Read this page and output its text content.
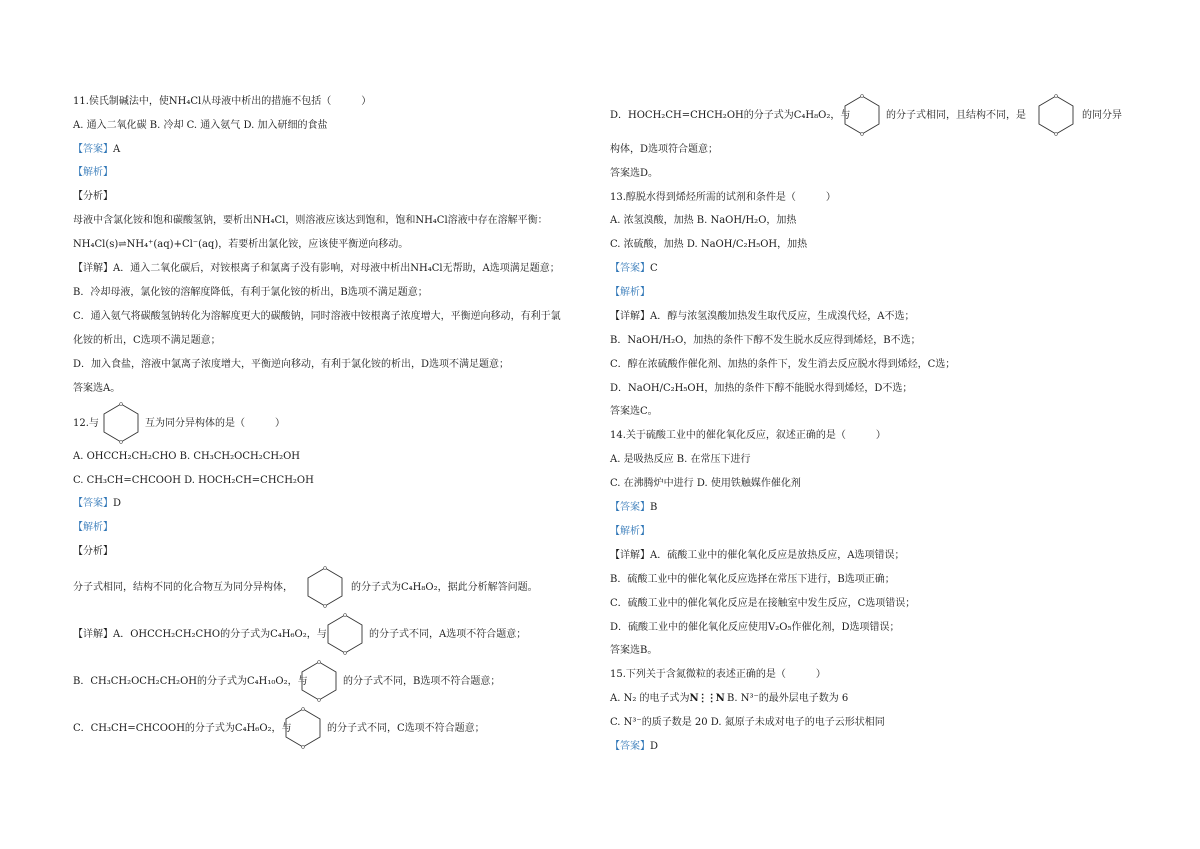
11.侯氏制碱法中，使NH₄Cl从母液中析出的措施不包括（　　　）
A. 通入二氧化碳 B. 冷却 C. 通入氨气 D. 加入研细的食盐
【答案】A
【解析】
【分析】
母液中含氯化铵和饱和碳酸氢钠，要析出NH₄Cl，则溶液应该达到饱和，饱和NH₄Cl溶液中存在溶解平衡：
NH₄Cl(s)⇌NH₄⁺(aq)+Cl⁻(aq)，若要析出氯化铵，应该使平衡逆向移动。
【详解】A．通入二氧化碳后，对铵根离子和氯离子没有影响，对母液中析出NH₄Cl无帮助，A选项满足题意；
B．冷却母液，氯化铵的溶解度降低，有利于氯化铵的析出，B选项不满足题意；
C．通入氨气将碳酸氢钠转化为溶解度更大的碳酸钠，同时溶液中铵根离子浓度增大，平衡逆向移动，有利于氯
化铵的析出，C选项不满足题意；
D．加入食盐，溶液中氯离子浓度增大，平衡逆向移动，有利于氯化铵的析出，D选项不满足题意；
答案选A。
12.与	互为同分异构体的是（　　　）
A. OHCCH₂CH₂CHO B. CH₃CH₂OCH₂CH₂OH
C. CH₃CH=CHCOOH D. HOCH₂CH=CHCH₂OH
【答案】D
【解析】
【分析】
分子式相同，结构不同的化合物互为同分异构体，	的分子式为C₄H₈O₂，据此分析解答问题。
【详解】A．OHCCH₂CH₂CHO的分子式为C₄H₆O₂，与	的分子式不同，A选项不符合题意；
B．CH₃CH₂OCH₂CH₂OH的分子式为C₄H₁₀O₂，与	的分子式不同，B选项不符合题意；
C．CH₃CH=CHCOOH的分子式为C₄H₆O₂，与	的分子式不同，C选项不符合题意；
D．HOCH₂CH=CHCH₂OH的分子式为C₄H₈O₂，与	的分子式相同，且结构不同，是	的同分异
构体，D选项符合题意；
答案选D。
13.醇脱水得到烯烃所需的试剂和条件是（　　　）
A. 浓氢溴酸，加热 B. NaOH/H₂O，加热
C. 浓硫酸，加热 D. NaOH/C₂H₅OH，加热
【答案】C
【解析】
【详解】A．醇与浓氢溴酸加热发生取代反应，生成溴代烃，A不选；
B．NaOH/H₂O，加热的条件下醇不发生脱水反应得到烯烃，B不选；
C．醇在浓硫酸作催化剂、加热的条件下，发生消去反应脱水得到烯烃，C选；
D．NaOH/C₂H₅OH，加热的条件下醇不能脱水得到烯烃，D不选；
答案选C。
14.关于硫酸工业中的催化氧化反应，叙述正确的是（　　　）
A. 是吸热反应 B. 在常压下进行
C. 在沸腾炉中进行 D. 使用铁触媒作催化剂
【答案】B
【解析】
【详解】A．硫酸工业中的催化氧化反应是放热反应，A选项错误；
B．硫酸工业中的催化氧化反应选择在常压下进行，B选项正确；
C．硫酸工业中的催化氧化反应是在接触室中发生反应，C选项错误；
D．硫酸工业中的催化氧化反应使用V₂O₅作催化剂，D选项错误；
答案选B。
15.下列关于含氮微粒的表述正确的是（　　　）
A. N₂ 的电子式为N⋮⋮N B. N³⁻的最外层电子数为 6
C. N³⁻的质子数是 20 D. 氮原子未成对电子的电子云形状相同
【答案】D
